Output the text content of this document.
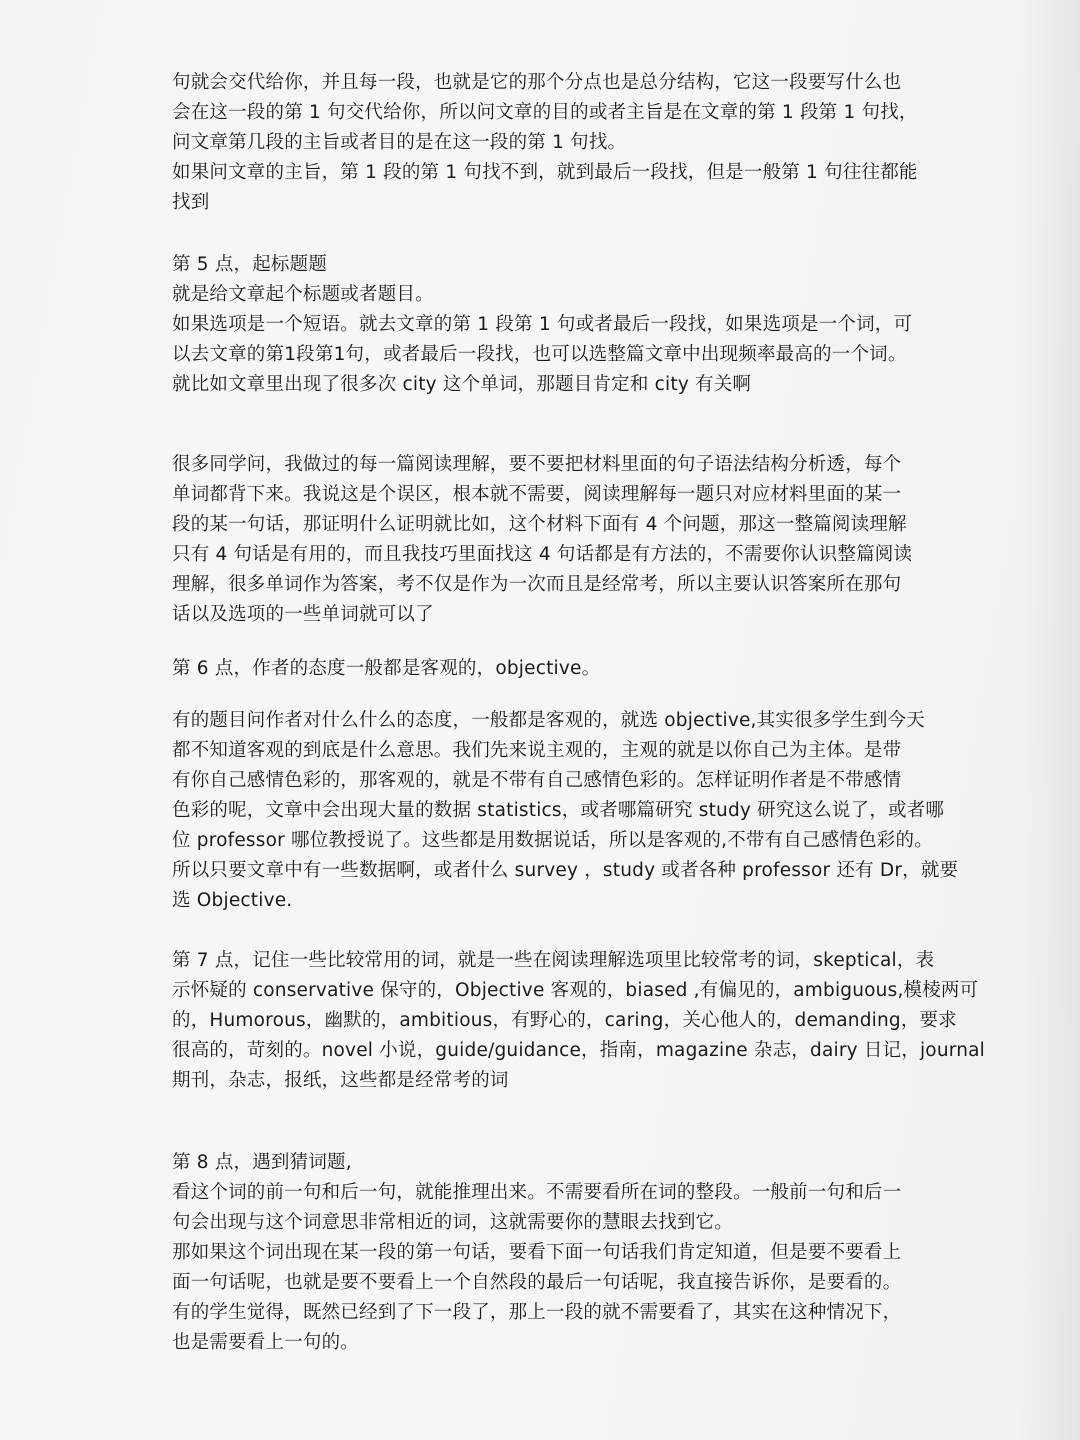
句就会交代给你，并且每一段，也就是它的那个分点也是总分结构，它这一段要写什么也
会在这一段的第 1 句交代给你，所以问文章的目的或者主旨是在文章的第 1 段第 1 句找，
问文章第几段的主旨或者目的是在这一段的第 1 句找。
如果问文章的主旨，第 1 段的第 1 句找不到，就到最后一段找，但是一般第 1 句往往都能
找到
第 5 点，起标题题
就是给文章起个标题或者题目。
如果选项是一个短语。就去文章的第 1 段第 1 句或者最后一段找，如果选项是一个词，可
以去文章的第1段第1句，或者最后一段找，也可以选整篇文章中出现频率最高的一个词。
就比如文章里出现了很多次 city 这个单词，那题目肯定和 city 有关啊
很多同学问，我做过的每一篇阅读理解，要不要把材料里面的句子语法结构分析透，每个
单词都背下来。我说这是个误区，根本就不需要，阅读理解每一题只对应材料里面的某一
段的某一句话，那证明什么证明就比如，这个材料下面有 4 个问题，那这一整篇阅读理解
只有 4 句话是有用的，而且我技巧里面找这 4 句话都是有方法的，不需要你认识整篇阅读
理解，很多单词作为答案，考不仅是作为一次而且是经常考，所以主要认识答案所在那句
话以及选项的一些单词就可以了
第 6 点，作者的态度一般都是客观的，objective。
有的题目问作者对什么什么的态度，一般都是客观的，就选 objective,其实很多学生到今天
都不知道客观的到底是什么意思。我们先来说主观的，主观的就是以你自己为主体。是带
有你自己感情色彩的，那客观的，就是不带有自己感情色彩的。怎样证明作者是不带感情
色彩的呢，文章中会出现大量的数据 statistics，或者哪篇研究 study 研究这么说了，或者哪
位 professor 哪位教授说了。这些都是用数据说话，所以是客观的,不带有自己感情色彩的。
所以只要文章中有一些数据啊，或者什么 survey ，study 或者各种 professor 还有 Dr，就要
选 Objective.
第 7 点，记住一些比较常用的词，就是一些在阅读理解选项里比较常考的词，skeptical，表
示怀疑的 conservative 保守的，Objective 客观的，biased ,有偏见的，ambiguous,模棱两可
的，Humorous，幽默的，ambitious，有野心的，caring，关心他人的，demanding，要求
很高的，苛刻的。novel 小说，guide/guidance，指南，magazine 杂志，dairy 日记，journal
期刊，杂志，报纸，这些都是经常考的词
第 8 点，遇到猜词题,
看这个词的前一句和后一句，就能推理出来。不需要看所在词的整段。一般前一句和后一
句会出现与这个词意思非常相近的词，这就需要你的慧眼去找到它。
那如果这个词出现在某一段的第一句话，要看下面一句话我们肯定知道，但是要不要看上
面一句话呢，也就是要不要看上一个自然段的最后一句话呢，我直接告诉你，是要看的。
有的学生觉得，既然已经到了下一段了，那上一段的就不需要看了，其实在这种情况下，
也是需要看上一句的。
